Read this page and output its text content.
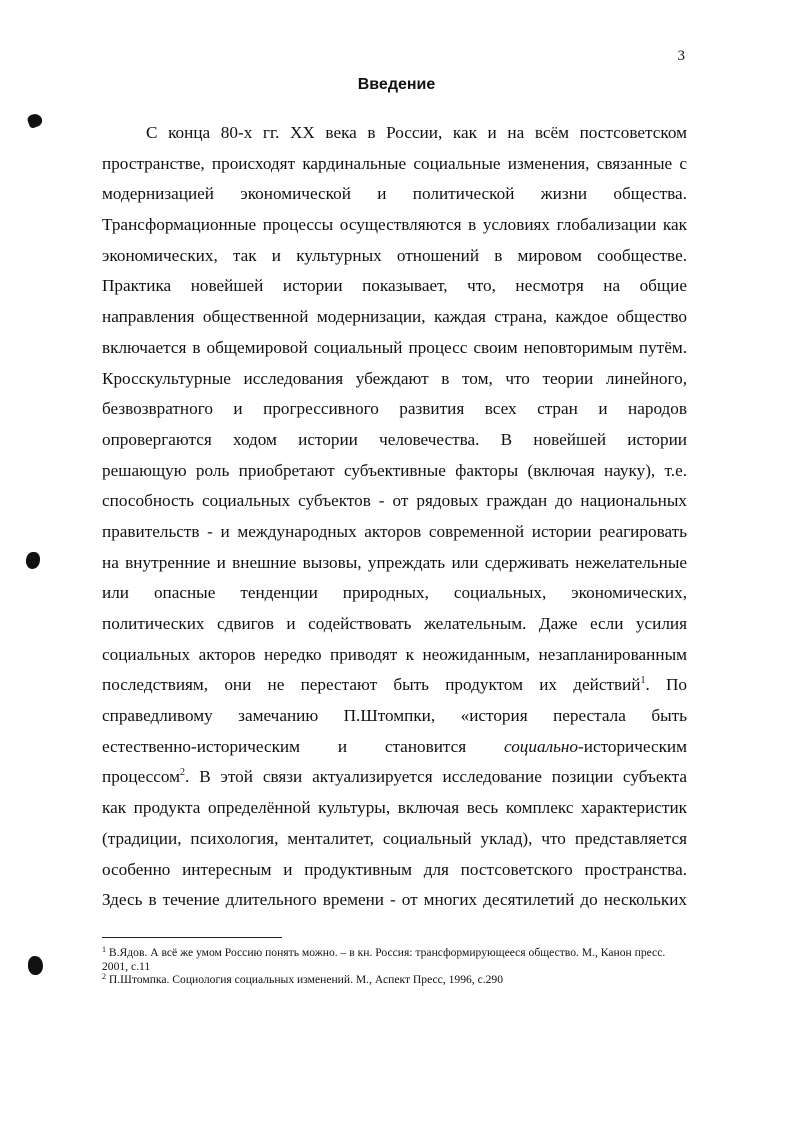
3
Введение
С конца 80-х гг. XX века в России, как и на всём постсоветском
пространстве, происходят кардинальные социальные изменения, связанные с
модернизацией экономической и политической жизни общества.
Трансформационные процессы осуществляются в условиях глобализации как
экономических, так и культурных отношений в мировом сообществе.
Практика новейшей истории показывает, что, несмотря на общие
направления общественной модернизации, каждая страна, каждое общество
включается в общемировой социальный процесс своим неповторимым путём.
Кросскультурные исследования убеждают в том, что теории линейного,
безвозвратного и прогрессивного развития всех стран и народов
опровергаются ходом истории человечества. В новейшей истории
решающую роль приобретают субъективные факторы (включая науку), т.е.
способность социальных субъектов - от рядовых граждан до национальных
правительств - и международных акторов современной истории реагировать
на внутренние и внешние вызовы, упреждать или сдерживать нежелательные
или опасные тенденции природных, социальных, экономических,
политических сдвигов и содействовать желательным. Даже если усилия
социальных акторов нередко приводят к неожиданным, незапланированным
последствиям, они не перестают быть продуктом их действий$^1$. По
справедливому замечанию П.Штомпки, «история перестала быть
естественно-историческим и становится социально-историческим
процессом$^2$. В этой связи актуализируется исследование позиции субъекта
как продукта определённой культуры, включая весь комплекс характеристик
(традиции, психология, менталитет, социальный уклад), что представляется
особенно интересным и продуктивным для постсоветского пространства.
Здесь в течение длительного времени - от многих десятилетий до нескольких
$^1$ В.Ядов. А всё же умом Россию понять можно. – в кн. Россия: трансформирующееся общество. М., Канон пресс. 2001, с.11
$^2$ П.Штомпка. Социология социальных изменений. М., Аспект Пресс, 1996, с.290
